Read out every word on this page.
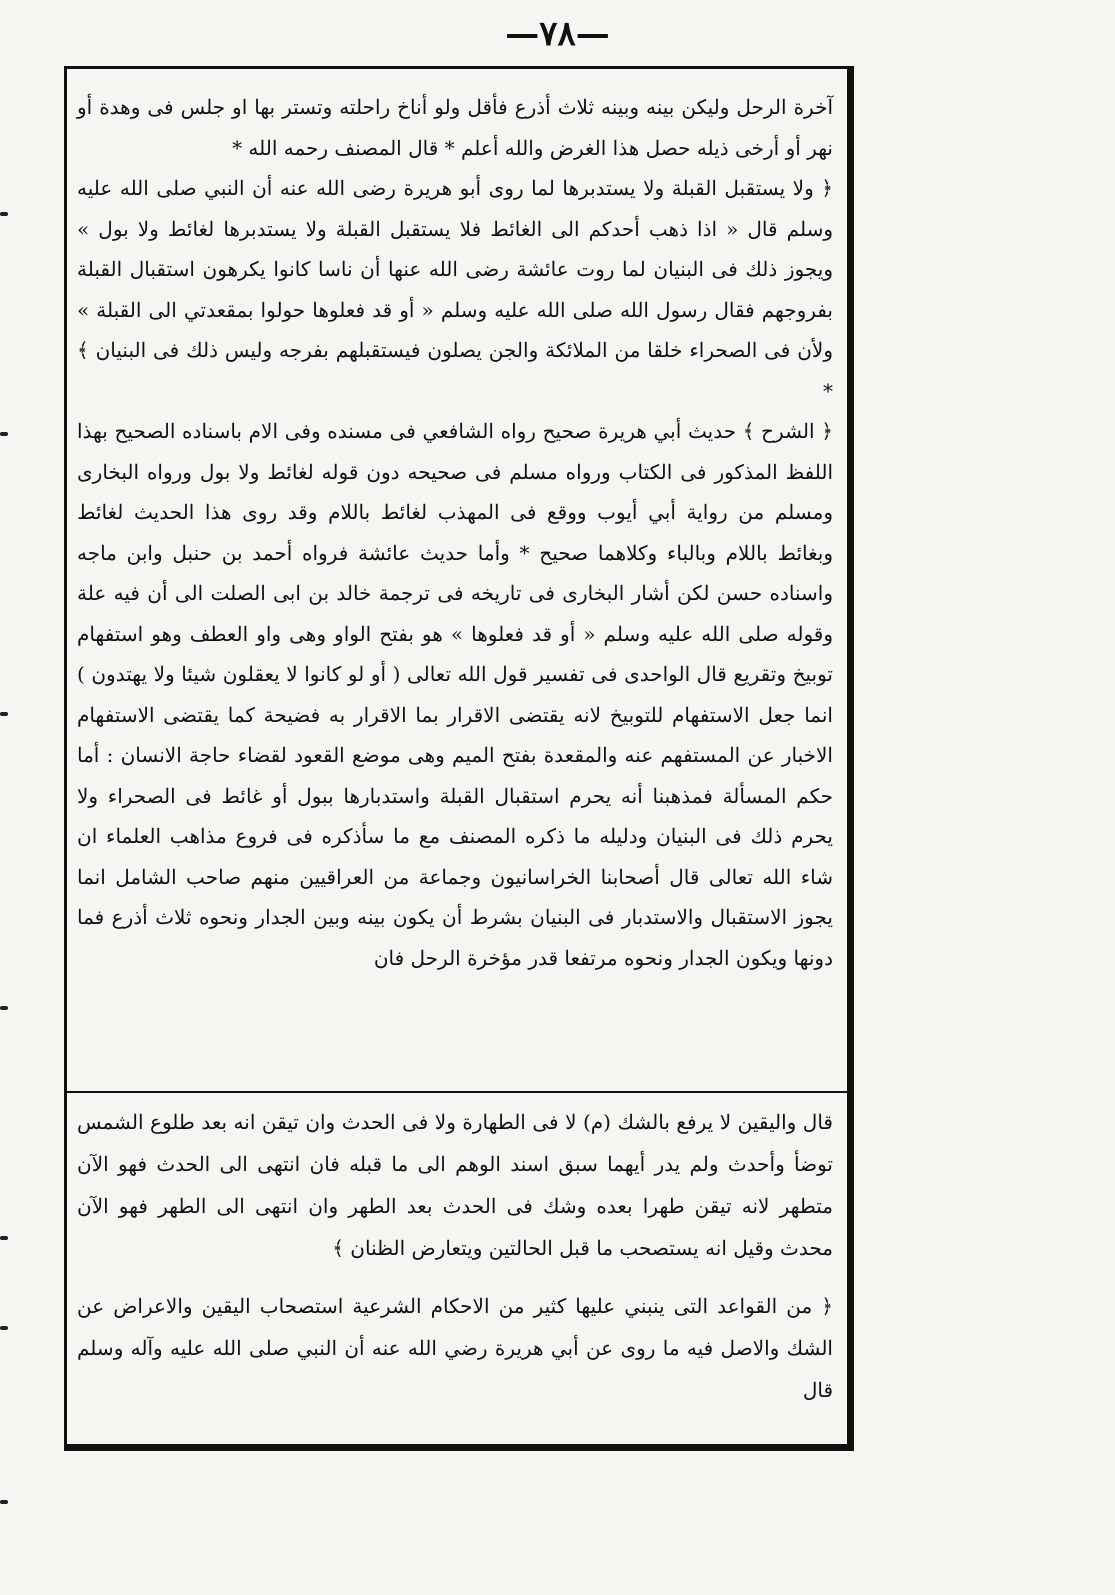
—٧٨—

آخرة الرحل وليكن بينه وبينه ثلاث أذرع فأقل ولو أناخ راحلته وتستر بها او جلس فى وهدة أو نهر أو أرخى ذيله حصل هذا الغرض والله أعلم * قال المصنف رحمه الله *

﴿ ولا يستقبل القبلة ولا يستدبرها لما روى أبو هريرة رضى الله عنه أن النبي صلى الله عليه وسلم قال « اذا ذهب أحدكم الى الغائط فلا يستقبل القبلة ولا يستدبرها لغائط ولا بول » ويجوز ذلك فى البنيان لما روت عائشة رضى الله عنها أن ناسا كانوا يكرهون استقبال القبلة بفروجهم فقال رسول الله صلى الله عليه وسلم « أو قد فعلوها حولوا بمقعدتي الى القبلة » ولأن فى الصحراء خلقا من الملائكة والجن يصلون فيستقبلهم بفرجه وليس ذلك فى البنيان ﴾ *

﴿ الشرح ﴾ حديث أبي هريرة صحيح رواه الشافعي فى مسنده وفى الام باسناده الصحيح بهذا اللفظ المذكور فى الكتاب ورواه مسلم فى صحيحه دون قوله لغائط ولا بول ورواه البخارى ومسلم من رواية أبي أيوب ووقع فى المهذب لغائط باللام وقد روى هذا الحديث لغائط وبغائط باللام وبالباء وكلاهما صحيح * وأما حديث عائشة فرواه أحمد بن حنبل وابن ماجه واسناده حسن لكن أشار البخارى فى تاريخه فى ترجمة خالد بن ابى الصلت الى أن فيه علة وقوله صلى الله عليه وسلم « أو قد فعلوها » هو بفتح الواو وهى واو العطف وهو استفهام توبيخ وتقريع قال الواحدى فى تفسير قول الله تعالى ( أو لو كانوا لا يعقلون شيئا ولا يهتدون ) انما جعل الاستفهام للتوبيخ لانه يقتضى الاقرار بما الاقرار به فضيحة كما يقتضى الاستفهام الاخبار عن المستفهم عنه والمقعدة بفتح الميم وهى موضع القعود لقضاء حاجة الانسان : أما حكم المسألة فمذهبنا أنه يحرم استقبال القبلة واستدبارها ببول أو غائط فى الصحراء ولا يحرم ذلك فى البنيان ودليله ما ذكره المصنف مع ما سأذكره فى فروع مذاهب العلماء ان شاء الله تعالى قال أصحابنا الخراسانيون وجماعة من العراقيين منهم صاحب الشامل انما يجوز الاستقبال والاستدبار فى البنيان بشرط أن يكون بينه وبين الجدار ونحوه ثلاث أذرع فما دونها ويكون الجدار ونحوه مرتفعا قدر مؤخرة الرحل فان

قال واليقين لا يرفع بالشك (م) لا فى الطهارة ولا فى الحدث وان تيقن انه بعد طلوع الشمس توضأ وأحدث ولم يدر أيهما سبق اسند الوهم الى ما قبله فان انتهى الى الحدث فهو الآن متطهر لانه تيقن طهرا بعده وشك فى الحدث بعد الطهر وان انتهى الى الطهر فهو الآن محدث وقيل انه يستصحب ما قبل الحالتين ويتعارض الظنان ﴾

﴿ من القواعد التى ينبني عليها كثير من الاحكام الشرعية استصحاب اليقين والاعراض عن الشك والاصل فيه ما روى عن أبي هريرة رضي الله عنه أن النبي صلى الله عليه وآله وسلم قال
